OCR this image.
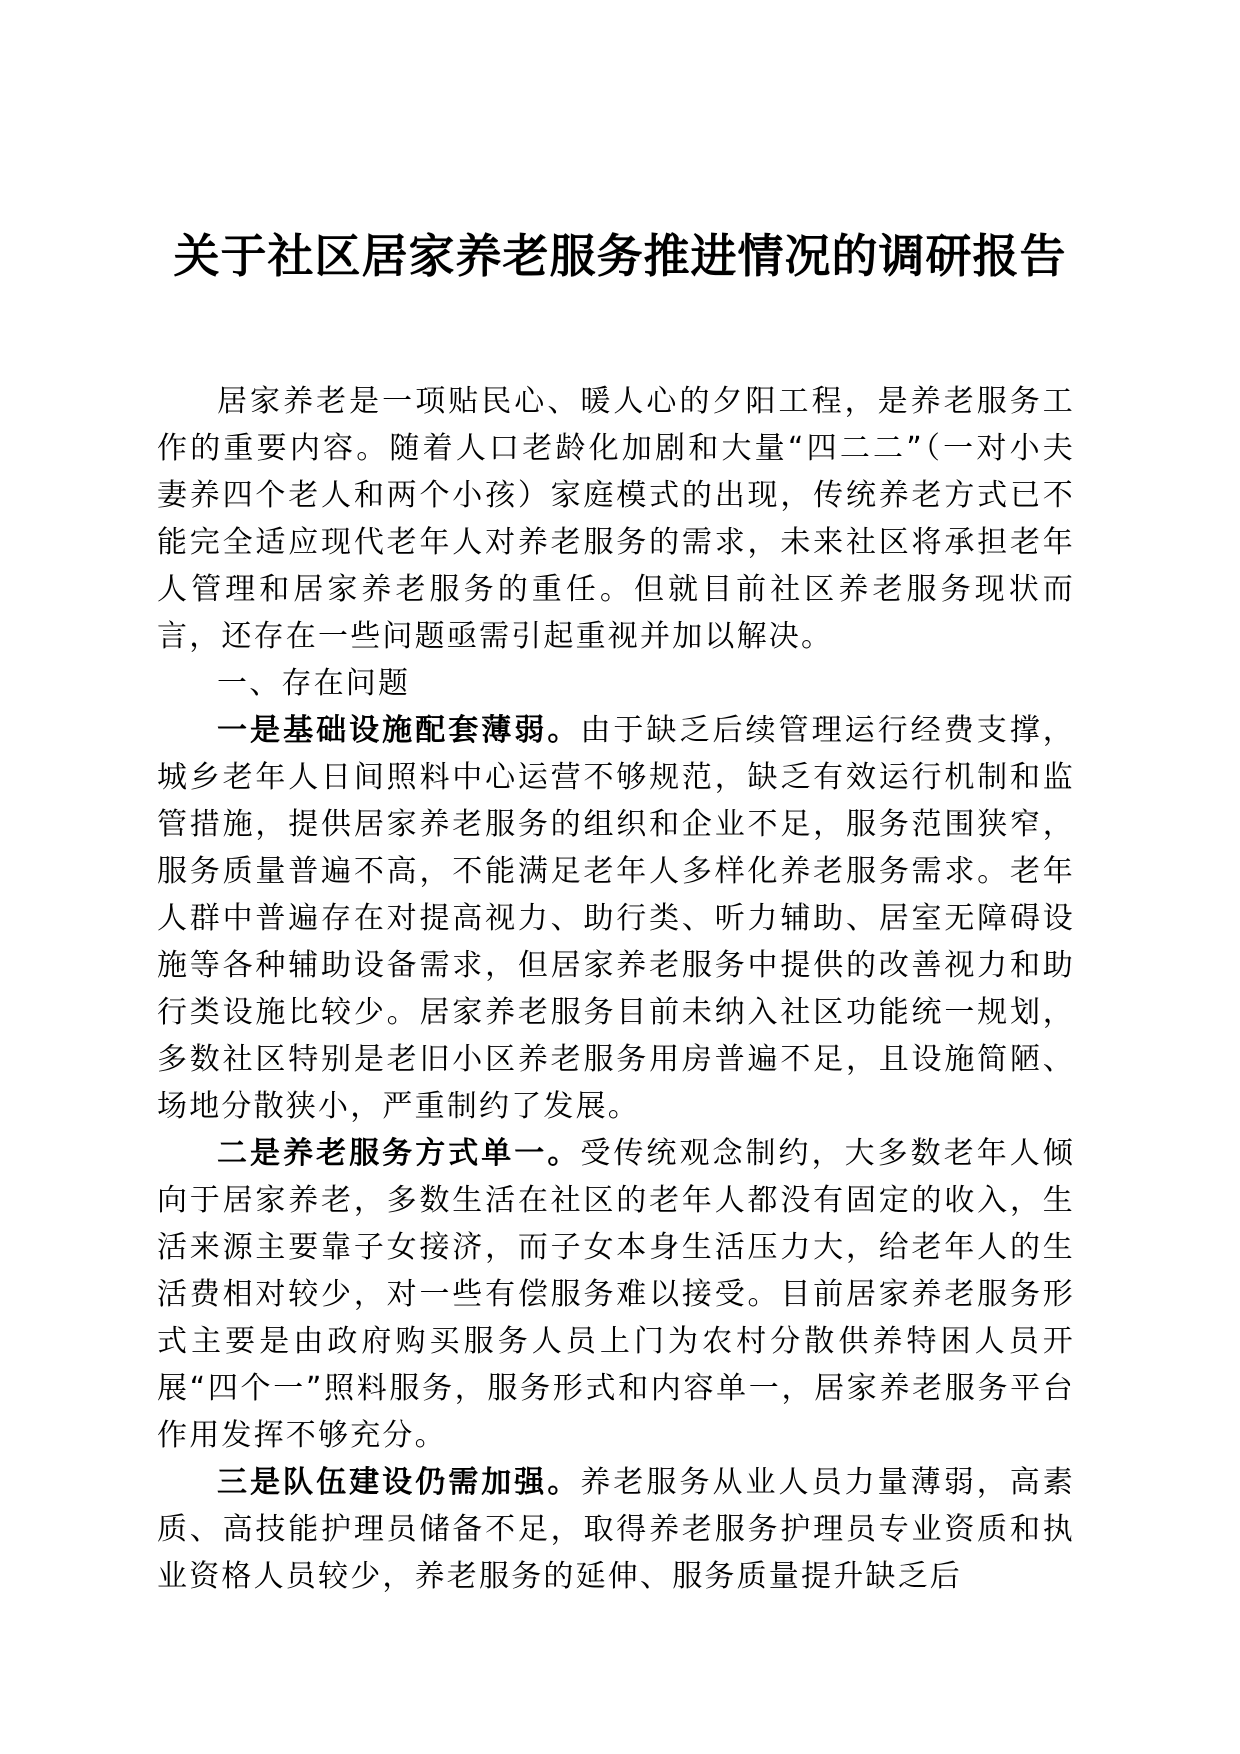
关于社区居家养老服务推进情况的调研报告

居家养老是一项贴民心、暖人心的夕阳工程，是养老服务工作的重要内容。随着人口老龄化加剧和大量“四二二”（一对小夫妻养四个老人和两个小孩）家庭模式的出现，传统养老方式已不能完全适应现代老年人对养老服务的需求，未来社区将承担老年人管理和居家养老服务的重任。但就目前社区养老服务现状而言，还存在一些问题亟需引起重视并加以解决。

一、存在问题

一是基础设施配套薄弱。由于缺乏后续管理运行经费支撑，城乡老年人日间照料中心运营不够规范，缺乏有效运行机制和监管措施，提供居家养老服务的组织和企业不足，服务范围狭窄，服务质量普遍不高，不能满足老年人多样化养老服务需求。老年人群中普遍存在对提高视力、助行类、听力辅助、居室无障碍设施等各种辅助设备需求，但居家养老服务中提供的改善视力和助行类设施比较少。居家养老服务目前未纳入社区功能统一规划，多数社区特别是老旧小区养老服务用房普遍不足，且设施简陋、场地分散狭小，严重制约了发展。

二是养老服务方式单一。受传统观念制约，大多数老年人倾向于居家养老，多数生活在社区的老年人都没有固定的收入，生活来源主要靠子女接济，而子女本身生活压力大，给老年人的生活费相对较少，对一些有偿服务难以接受。目前居家养老服务形式主要是由政府购买服务人员上门为农村分散供养特困人员开展“四个一”照料服务，服务形式和内容单一，居家养老服务平台作用发挥不够充分。

三是队伍建设仍需加强。养老服务从业人员力量薄弱，高素质、高技能护理员储备不足，取得养老服务护理员专业资质和执业资格人员较少，养老服务的延伸、服务质量提升缺乏后
